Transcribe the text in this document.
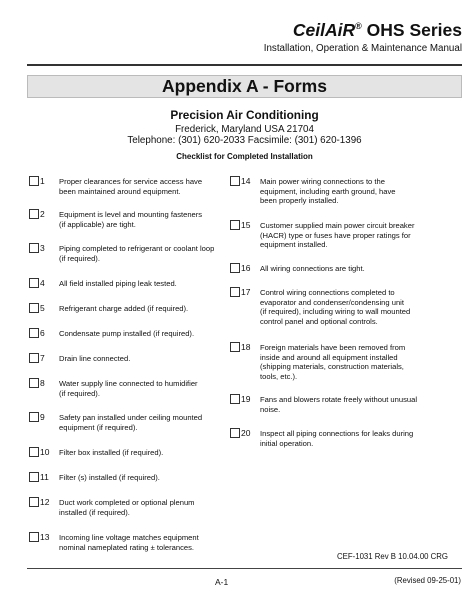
CeilAiR® OHS Series
Installation, Operation & Maintenance Manual
Appendix A - Forms
Precision Air Conditioning
Frederick, Maryland USA 21704
Telephone: (301) 620-2033 Facsimile: (301) 620-1396
Checklist for Completed Installation
1 Proper clearances for service access have
been maintained around equipment.
2 Equipment is level and mounting fasteners
(if applicable) are tight.
3 Piping completed to refrigerant or coolant loop
(if required).
4 All field installed piping leak tested.
5 Refrigerant charge added (if required).
6 Condensate pump installed (if required).
7 Drain line connected.
8 Water supply line connected to humidifier
(if required).
9 Safety pan installed under ceiling mounted
equipment (if required).
10 Filter box installed (if required).
11 Filter (s) installed (if required).
12 Duct work completed or optional plenum
installed (if required).
13 Incoming line voltage matches equipment
nominal nameplated rating ± tolerances.
14 Main power wiring connections to the
equipment, including earth ground, have
been properly installed.
15 Customer supplied main power circuit breaker
(HACR) type or fuses have proper ratings for
equipment installed.
16 All wiring connections are tight.
17 Control wiring connections completed to
evaporator and condenser/condensing unit
(if required), including wiring to wall mounted
control panel and optional controls.
18 Foreign materials have been removed from
inside and around all equipment installed
(shipping materials, construction materials,
tools, etc.).
19 Fans and blowers rotate freely without unusual
noise.
20 Inspect all piping connections for leaks during
initial operation.
CEF-1031 Rev B 10.04.00 CRG
A-1	(Revised 09-25-01)
